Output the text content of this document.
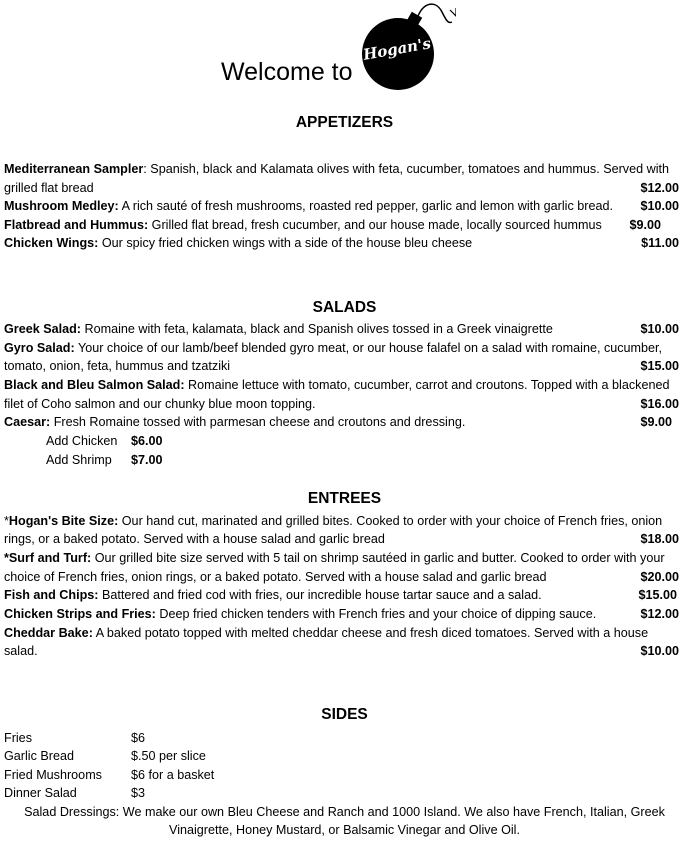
Welcome to
Hogan's
APPETIZERS
Mediterranean Sampler: Spanish, black and Kalamata olives with feta, cucumber, tomatoes and hummus. Served with
grilled flat bread	$12.00
Mushroom Medley: A rich sauté of fresh mushrooms, roasted red pepper, garlic and lemon with garlic bread. $10.00
Flatbread and Hummus: Grilled flat bread, fresh cucumber, and our house made, locally sourced hummus $9.00
Chicken Wings: Our spicy fried chicken wings with a side of the house bleu cheese	$11.00
SALADS
Greek Salad: Romaine with feta, kalamata, black and Spanish olives tossed in a Greek vinaigrette	$10.00
Gyro Salad: Your choice of our lamb/beef blended gyro meat, or our house falafel on a salad with romaine, cucumber,
tomato, onion, feta, hummus and tzatziki	$15.00
Black and Bleu Salmon Salad: Romaine lettuce with tomato, cucumber, carrot and croutons. Topped with a blackened
filet of Coho salmon and our chunky blue moon topping.	$16.00
Caesar: Fresh Romaine tossed with parmesan cheese and croutons and dressing.	$9.00
Add Chicken $6.00
Add Shrimp $7.00
ENTREES
*Hogan's Bite Size: Our hand cut, marinated and grilled bites. Cooked to order with your choice of French fries, onion
rings, or a baked potato. Served with a house salad and garlic bread	$18.00
*Surf and Turf: Our grilled bite size served with 5 tail on shrimp sautéed in garlic and butter. Cooked to order with your
choice of French fries, onion rings, or a baked potato. Served with a house salad and garlic bread	$20.00
Fish and Chips: Battered and fried cod with fries, our incredible house tartar sauce and a salad.	$15.00
Chicken Strips and Fries: Deep fried chicken tenders with French fries and your choice of dipping sauce.	$12.00
Cheddar Bake: A baked potato topped with melted cheddar cheese and fresh diced tomatoes. Served with a house
salad.	$10.00
SIDES
Fries	$6
Garlic Bread	$.50 per slice
Fried Mushrooms $6 for a basket
Dinner Salad	$3
Salad Dressings: We make our own Bleu Cheese and Ranch and 1000 Island. We also have French, Italian, Greek
Vinaigrette, Honey Mustard, or Balsamic Vinegar and Olive Oil.
